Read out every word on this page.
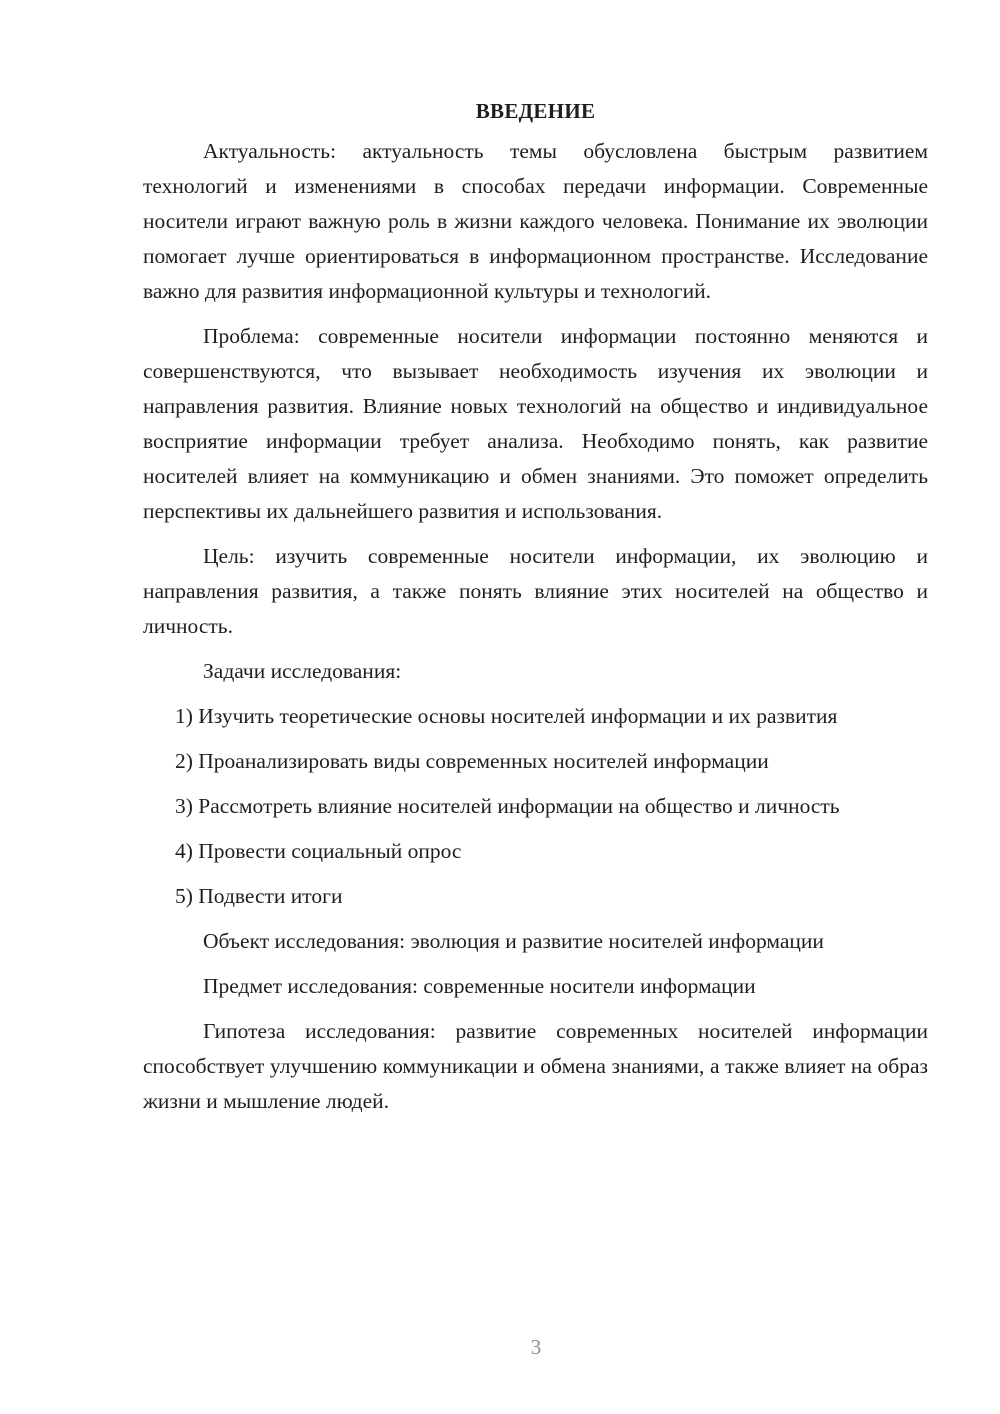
ВВЕДЕНИЕ

Актуальность: актуальность темы обусловлена быстрым развитием технологий и изменениями в способах передачи информации. Современные носители играют важную роль в жизни каждого человека. Понимание их эволюции помогает лучше ориентироваться в информационном пространстве. Исследование важно для развития информационной культуры и технологий.

Проблема: современные носители информации постоянно меняются и совершенствуются, что вызывает необходимость изучения их эволюции и направления развития. Влияние новых технологий на общество и индивидуальное восприятие информации требует анализа. Необходимо понять, как развитие носителей влияет на коммуникацию и обмен знаниями. Это поможет определить перспективы их дальнейшего развития и использования.

Цель: изучить современные носители информации, их эволюцию и направления развития, а также понять влияние этих носителей на общество и личность.

Задачи исследования:

1) Изучить теоретические основы носителей информации и их развития

2) Проанализировать виды современных носителей информации

3) Рассмотреть влияние носителей информации на общество и личность

4) Провести социальный опрос

5) Подвести итоги

Объект исследования: эволюция и развитие носителей информации

Предмет исследования: современные носители информации

Гипотеза исследования: развитие современных носителей информации способствует улучшению коммуникации и обмена знаниями, а также влияет на образ жизни и мышление людей.

3
